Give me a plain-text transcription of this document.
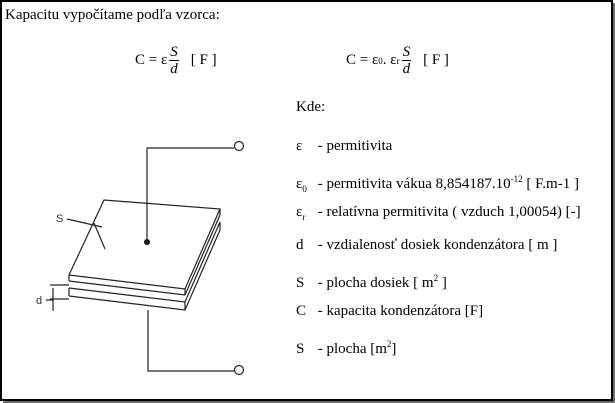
Kapacitu vypočítame podľa vzorca:
C = ε $\frac{S}{d}$ [ F ]	C = ε 0 . ε r $\frac{S}{d}$ [ F ]
Kde:
ε - permitivita
$\varepsilon_0$ - permitivita vákua $8,854187.10^{-12}$ [ F.m-1 ]
$\varepsilon_r$ - relatívna permitivita ( vzduch 1,00054) [-]
d - vzdialenosť dosiek kondenzátora [ m ]
S - plocha dosiek [ $m^2$ ]
C - kapacita kondenzátora [F]
S - plocha $[m^2]$
S
d
